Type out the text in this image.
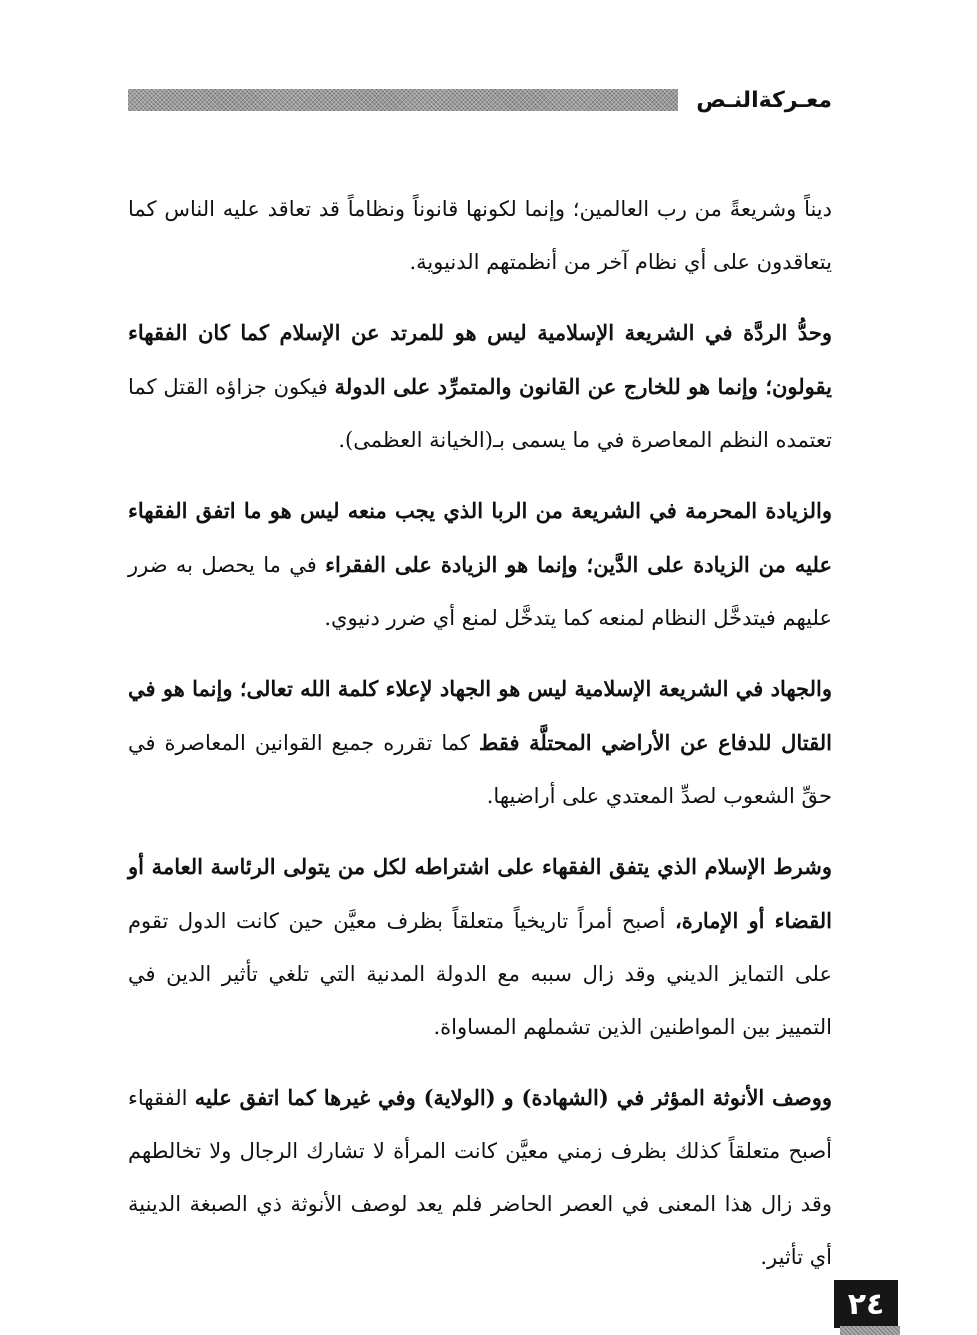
معـركةالنـص

ديناً وشريعةً من رب العالمين؛ وإنما لكونها قانوناً ونظاماً قد تعاقد عليه الناس كما يتعاقدون على أي نظام آخر من أنظمتهم الدنيوية.

وحدُّ الردَّة في الشريعة الإسلامية ليس هو للمرتد عن الإسلام كما كان الفقهاء يقولون؛ وإنما هو للخارج عن القانون والمتمرِّد على الدولة فيكون جزاؤه القتل كما تعتمده النظم المعاصرة في ما يسمى بـ(الخيانة العظمى).

والزيادة المحرمة في الشريعة من الربا الذي يجب منعه ليس هو ما اتفق الفقهاء عليه من الزيادة على الدَّين؛ وإنما هو الزيادة على الفقراء في ما يحصل به ضرر عليهم فيتدخَّل النظام لمنعه كما يتدخَّل لمنع أي ضرر دنيوي.

والجهاد في الشريعة الإسلامية ليس هو الجهاد لإعلاء كلمة الله تعالى؛ وإنما هو في القتال للدفاع عن الأراضي المحتلَّة فقط كما تقرره جميع القوانين المعاصرة في حقِّ الشعوب لصدِّ المعتدي على أراضيها.

وشرط الإسلام الذي يتفق الفقهاء على اشتراطه لكل من يتولى الرئاسة العامة أو القضاء أو الإمارة، أصبح أمراً تاريخياً متعلقاً بظرف معيَّن حين كانت الدول تقوم على التمايز الديني وقد زال سببه مع الدولة المدنية التي تلغي تأثير الدين في التمييز بين المواطنين الذين تشملهم المساواة.

ووصف الأنوثة المؤثر في (الشهادة) و (الولاية) وفي غيرها كما اتفق عليه الفقهاء أصبح متعلقاً كذلك بظرف زمني معيَّن كانت المرأة لا تشارك الرجال ولا تخالطهم وقد زال هذا المعنى في العصر الحاضر فلم يعد لوصف الأنوثة ذي الصبغة الدينية أي تأثير.

٢٤
